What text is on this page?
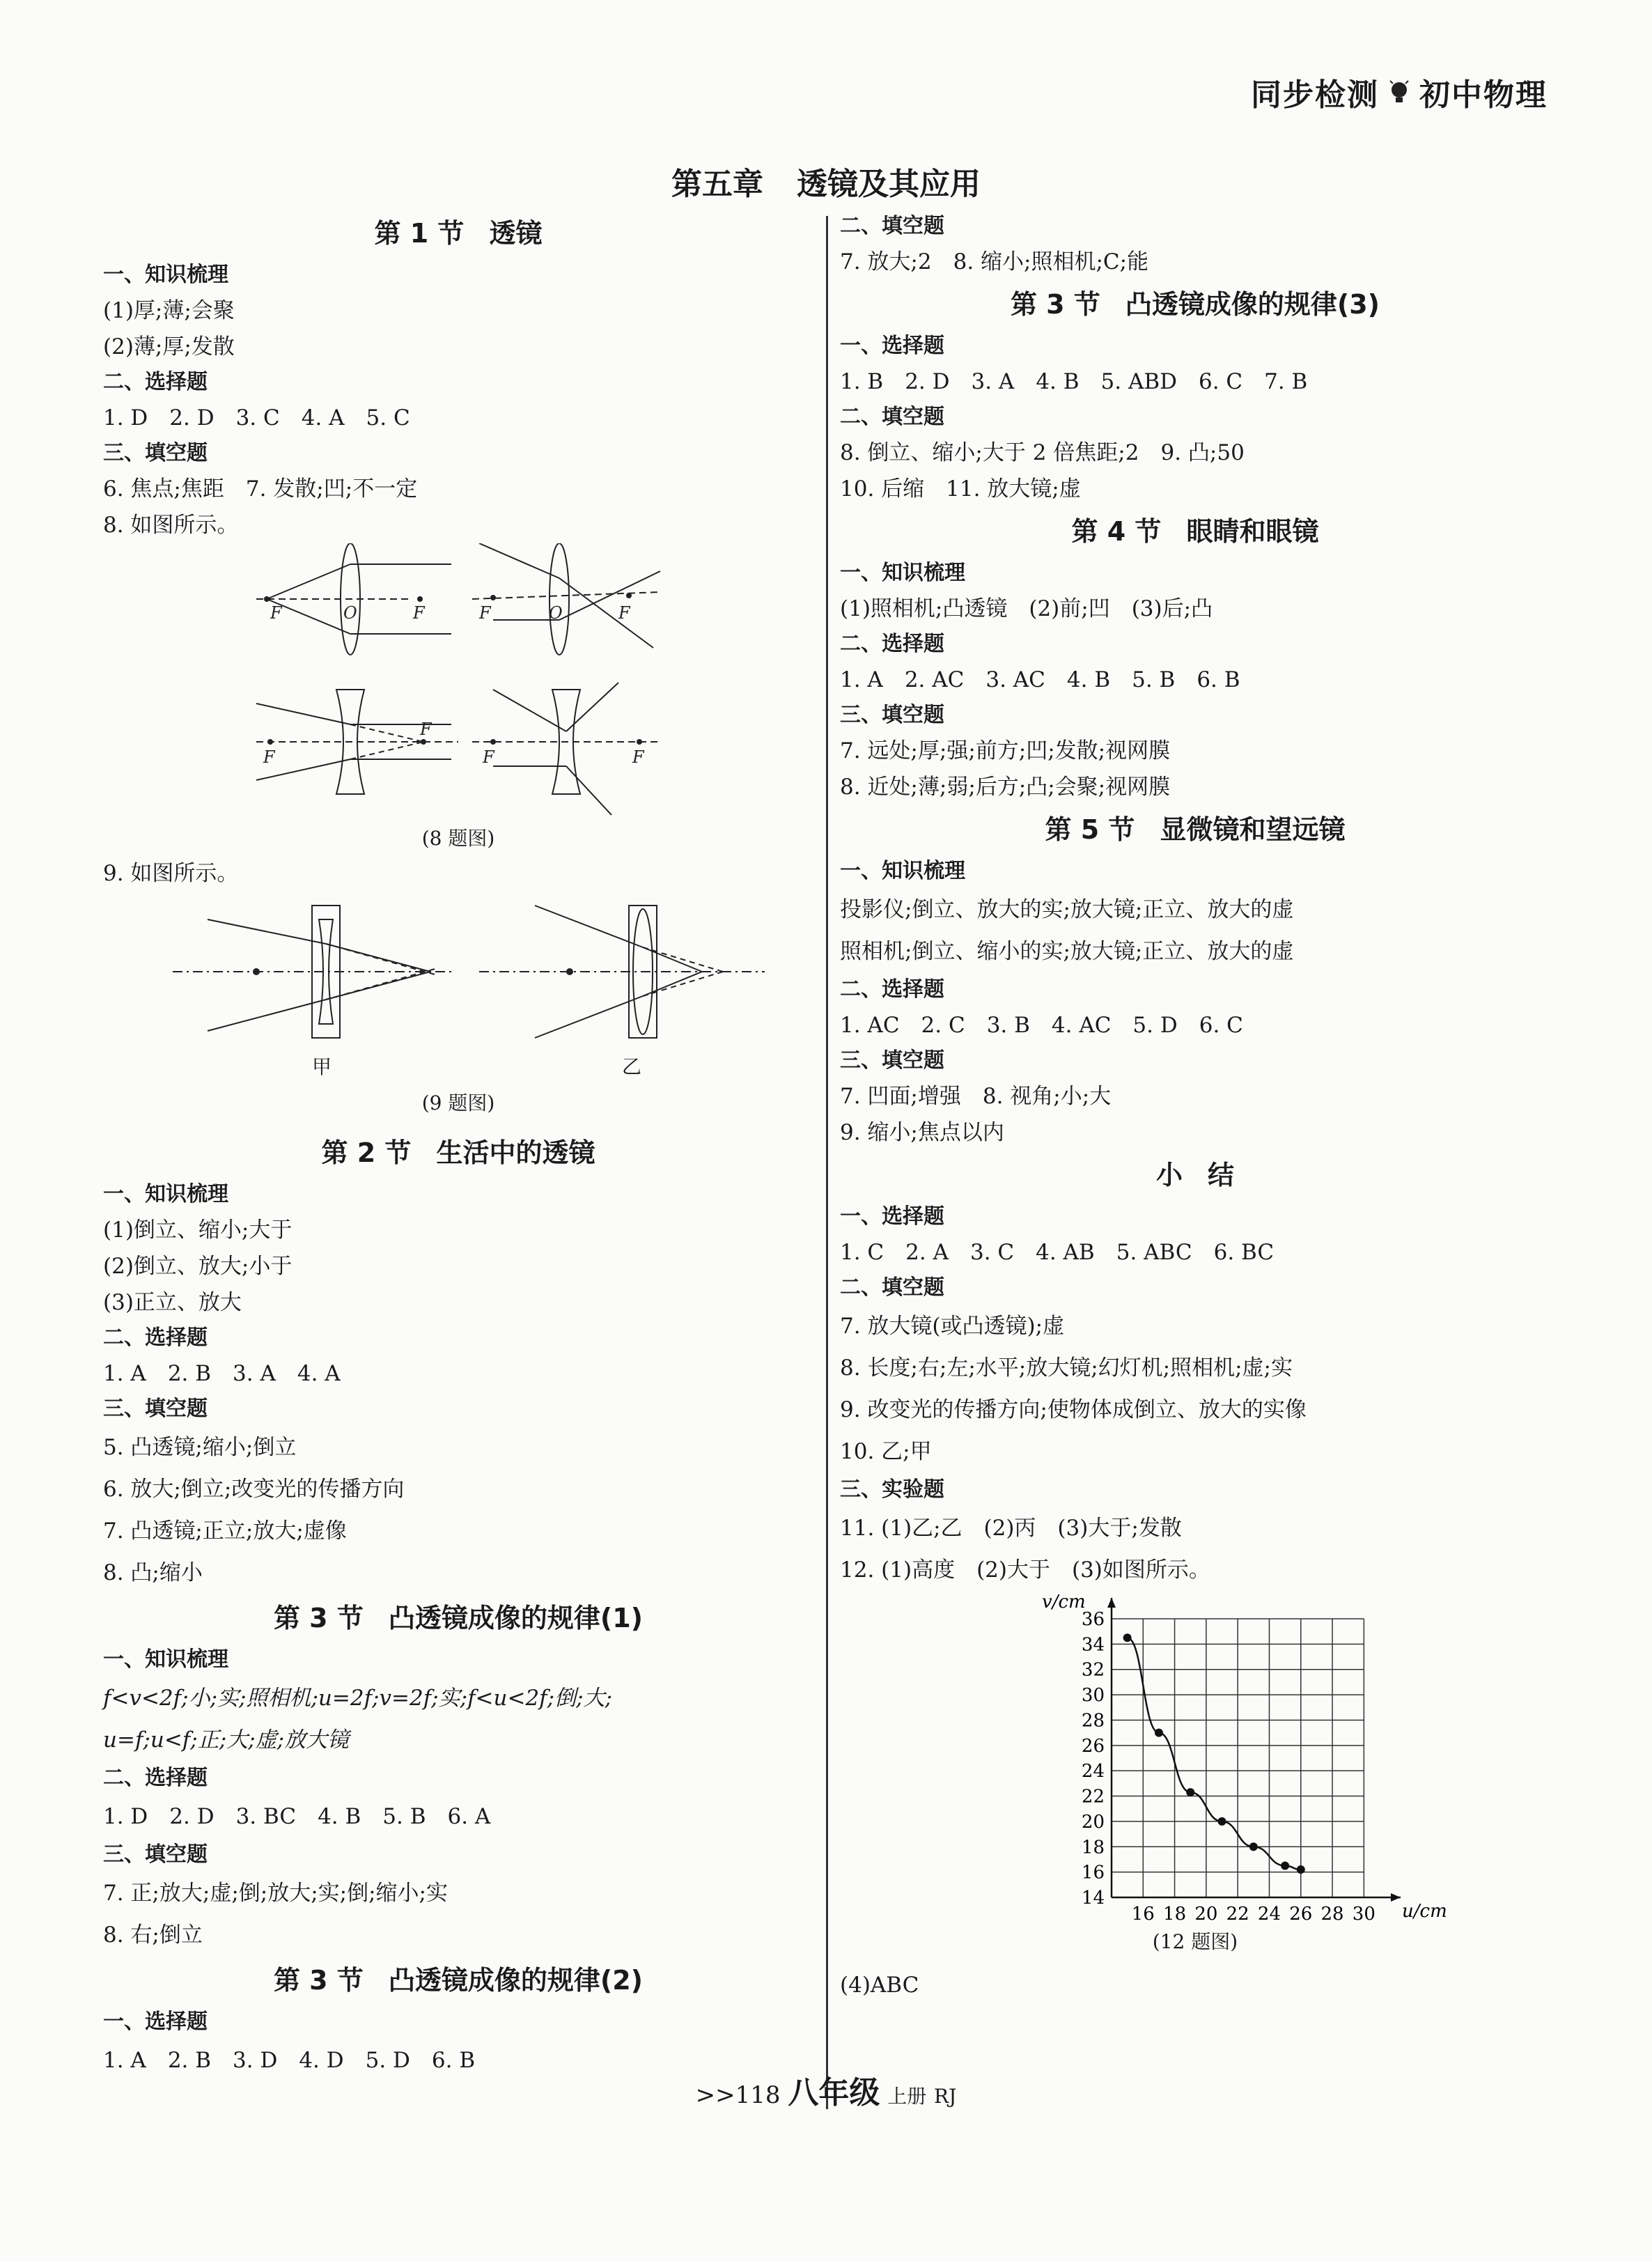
同步检测 初中物理
第五章 透镜及其应用
第 1 节 透镜
一、知识梳理
(1)厚;薄;会聚
(2)薄;厚;发散
二、选择题
1. D　2. D　3. C　4. A　5. C
三、填空题
6. 焦点;焦距　7. 发散;凹;不一定
8. 如图所示。
F	O	F	F	O	F
F
F
F	F
(8 题图)
9. 如图所示。
甲	乙
(9 题图)
第 2 节 生活中的透镜
一、知识梳理
(1)倒立、缩小;大于
(2)倒立、放大;小于
(3)正立、放大
二、选择题
1. A　2. B　3. A　4. A
三、填空题
5. 凸透镜;缩小;倒立
6. 放大;倒立;改变光的传播方向
7. 凸透镜;正立;放大;虚像
8. 凸;缩小
第 3 节 凸透镜成像的规律(1)
一、知识梳理
f<v<2f;小;实;照相机;u=2f;v=2f;实;f<u<2f;倒;大;
u=f;u<f;正;大;虚;放大镜
二、选择题
1. D　2. D　3. BC　4. B　5. B　6. A
三、填空题
7. 正;放大;虚;倒;放大;实;倒;缩小;实
8. 右;倒立
第 3 节 凸透镜成像的规律(2)
一、选择题
1. A　2. B　3. D　4. D　5. D　6. B
二、填空题
7. 放大;2　8. 缩小;照相机;C;能
第 3 节 凸透镜成像的规律(3)
一、选择题
1. B　2. D　3. A　4. B　5. ABD　6. C　7. B
二、填空题
8. 倒立、缩小;大于 2 倍焦距;2　9. 凸;50
10. 后缩　11. 放大镜;虚
第 4 节 眼睛和眼镜
一、知识梳理
(1)照相机;凸透镜　(2)前;凹　(3)后;凸
二、选择题
1. A　2. AC　3. AC　4. B　5. B　6. B
三、填空题
7. 远处;厚;强;前方;凹;发散;视网膜
8. 近处;薄;弱;后方;凸;会聚;视网膜
第 5 节 显微镜和望远镜
一、知识梳理
投影仪;倒立、放大的实;放大镜;正立、放大的虚
照相机;倒立、缩小的实;放大镜;正立、放大的虚
二、选择题
1. AC　2. C　3. B　4. AC　5. D　6. C
三、填空题
7. 凹面;增强　8. 视角;小;大
9. 缩小;焦点以内
小 结
一、选择题
1. C　2. A　3. C　4. AB　5. ABC　6. BC
二、填空题
7. 放大镜(或凸透镜);虚
8. 长度;右;左;水平;放大镜;幻灯机;照相机;虚;实
9. 改变光的传播方向;使物体成倒立、放大的实像
10. 乙;甲
三、实验题
11. (1)乙;乙　(2)丙　(3)大于;发散
12. (1)高度　(2)大于　(3)如图所示。
16 18 20 22 24 26 28 30
14
16
18
20
22
24
26
28
30
32
34
36
u/cm
v/cm
(12 题图)
(4)ABC
>>118 八年级 上册 RJ
